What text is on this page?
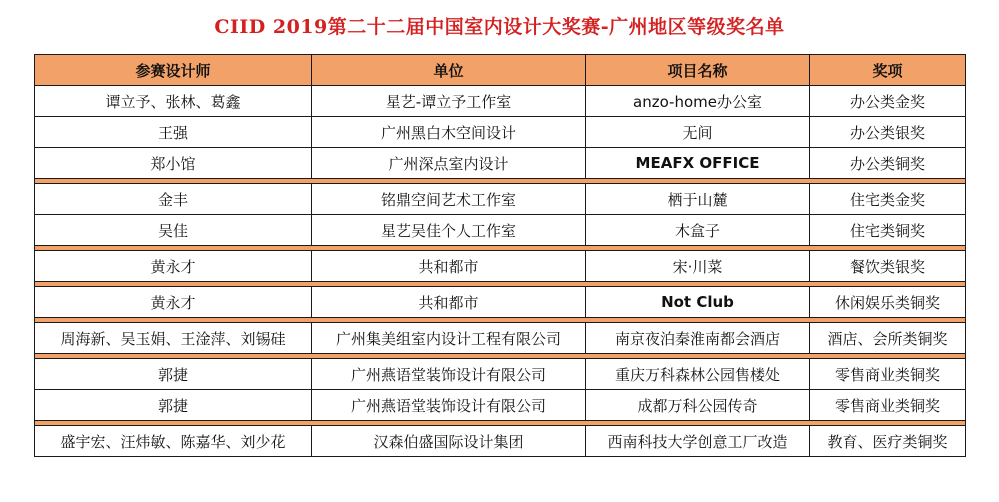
CIID 2019第二十二届中国室内设计大奖赛-广州地区等级奖名单
参赛设计师	单位	项目名称	奖项
谭立予、张林、葛鑫	星艺-谭立予工作室	anzo-home办公室	办公类金奖
王强	广州黑白木空间设计	无间	办公类银奖
郑小馆	广州深点室内设计	MEAFX OFFICE	办公类铜奖

金丰	铭鼎空间艺术工作室	栖于山麓	住宅类金奖
吴佳	星艺吴佳个人工作室	木盒子	住宅类铜奖

黄永才	共和都市	宋·川菜	餐饮类银奖

黄永才	共和都市	Not Club	休闲娱乐类铜奖

周海新、吴玉娟、王淦萍、刘锡硅	广州集美组室内设计工程有限公司	南京夜泊秦淮南都会酒店	酒店、会所类铜奖

郭捷	广州燕语堂装饰设计有限公司	重庆万科森林公园售楼处	零售商业类铜奖
郭捷	广州燕语堂装饰设计有限公司	成都万科公园传奇	零售商业类铜奖

盛宇宏、汪炜敏、陈嘉华、刘少花	汉森伯盛国际设计集团	西南科技大学创意工厂改造	教育、医疗类铜奖
